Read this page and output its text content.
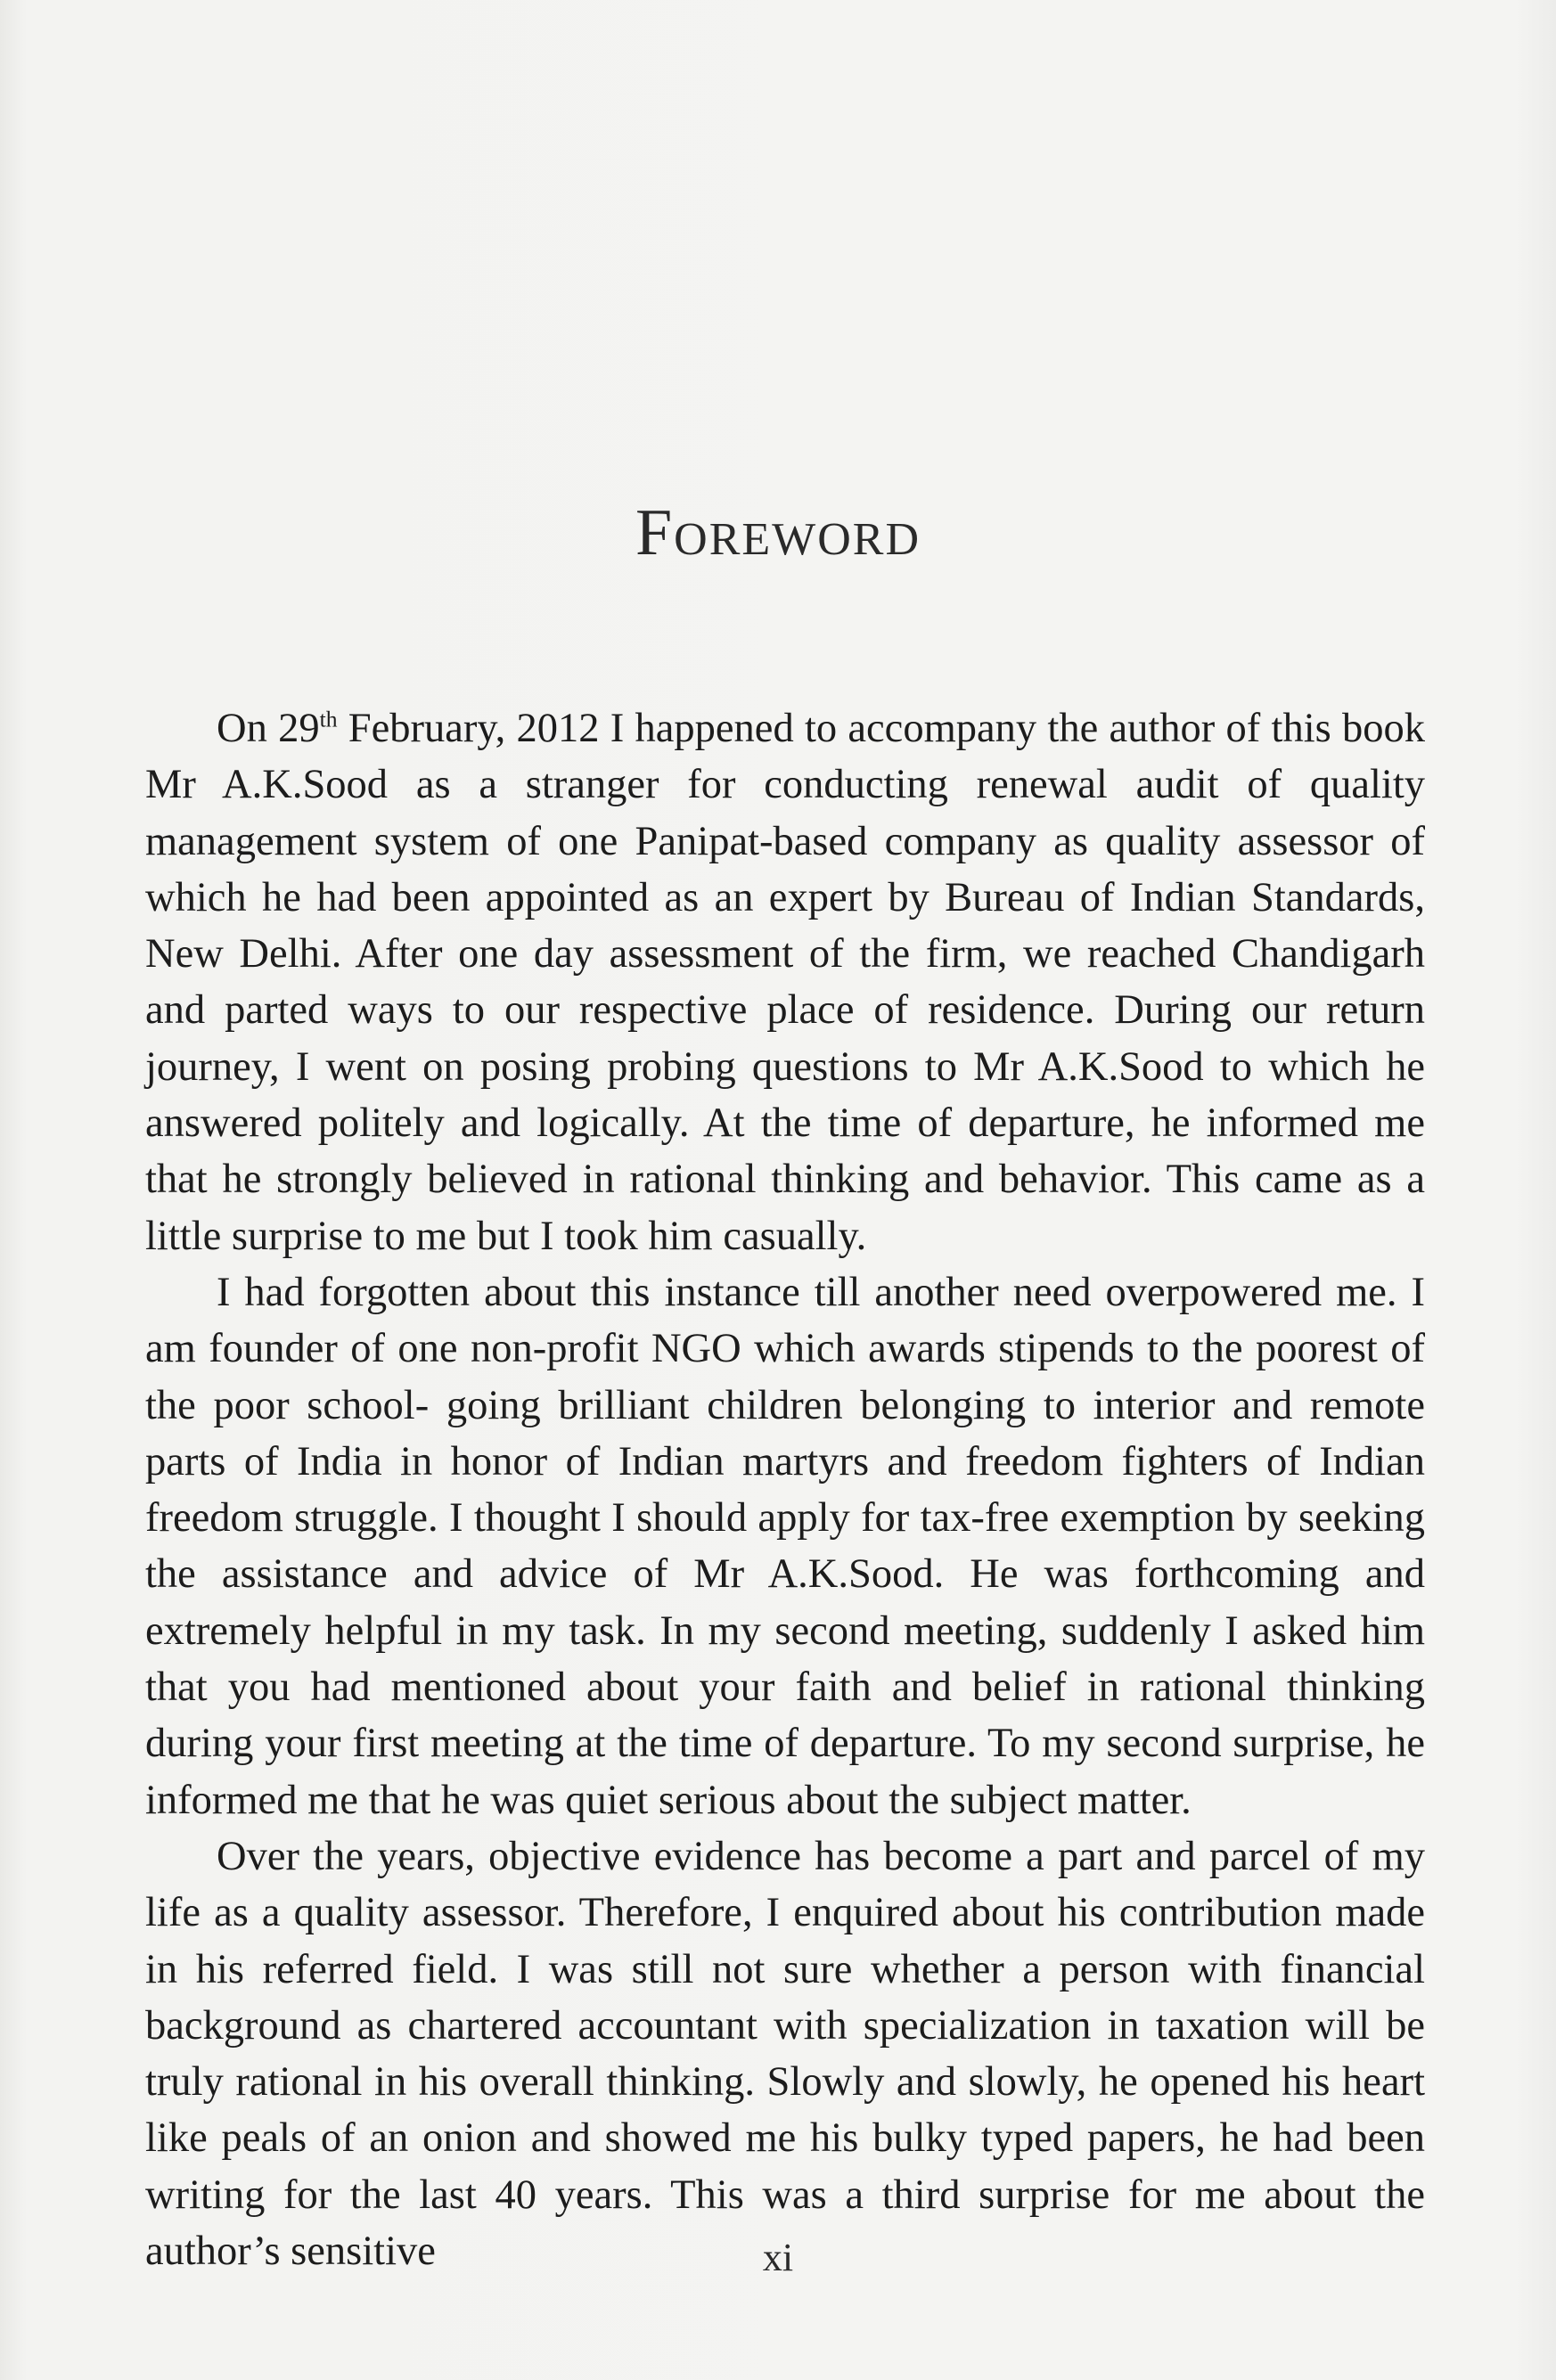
Foreword

On 29th February, 2012 I happened to accompany the author of this book Mr A.K.Sood as a stranger for conducting renewal audit of quality management system of one Panipat-based company as quality assessor of which he had been appointed as an expert by Bureau of Indian Standards, New Delhi. After one day assessment of the firm, we reached Chandigarh and parted ways to our respective place of residence. During our return journey, I went on posing probing questions to Mr A.K.Sood to which he answered politely and logically. At the time of departure, he informed me that he strongly believed in rational thinking and behavior. This came as a little surprise to me but I took him casually.

I had forgotten about this instance till another need overpowered me. I am founder of one non-profit NGO which awards stipends to the poorest of the poor school- going brilliant children belonging to interior and remote parts of India in honor of Indian martyrs and freedom fighters of Indian freedom struggle. I thought I should apply for tax-free exemption by seeking the assistance and advice of Mr A.K.Sood. He was forthcoming and extremely helpful in my task. In my second meeting, suddenly I asked him that you had mentioned about your faith and belief in rational thinking during your first meeting at the time of departure. To my second surprise, he informed me that he was quiet serious about the subject matter.

Over the years, objective evidence has become a part and parcel of my life as a quality assessor. Therefore, I enquired about his contribution made in his referred field. I was still not sure whether a person with financial background as chartered accountant with specialization in taxation will be truly rational in his overall thinking. Slowly and slowly, he opened his heart like peals of an onion and showed me his bulky typed papers, he had been writing for the last 40 years. This was a third surprise for me about the author’s sensitive	xi
